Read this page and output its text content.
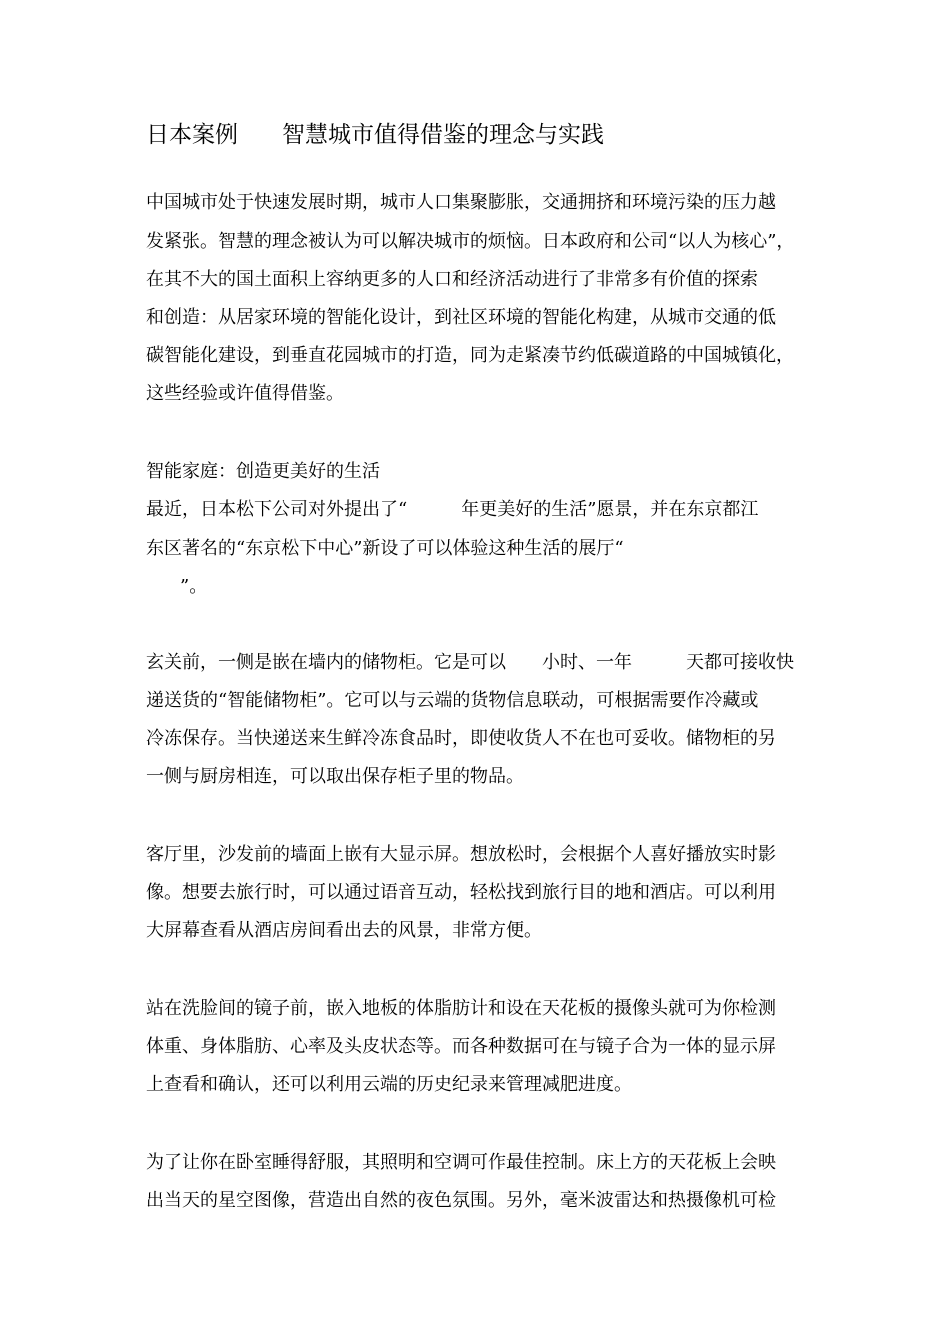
日本案例 智慧城市值得借鉴的理念与实践

中国城市处于快速发展时期，城市人口集聚膨胀，交通拥挤和环境污染的压力越

发紧张。智慧的理念被认为可以解决城市的烦恼。日本政府和公司“以人为核心”，

在其不大的国土面积上容纳更多的人口和经济活动进行了非常多有价值的探索

和创造：从居家环境的智能化设计，到社区环境的智能化构建，从城市交通的低

碳智能化建设，到垂直花园城市的打造，同为走紧凑节约低碳道路的中国城镇化，

这些经验或许值得借鉴。

智能家庭：创造更美好的生活

最近，日本松下公司对外提出了“　　　年更美好的生活”愿景，并在东京都江

东区著名的“东京松下中心”新设了可以体验这种生活的展厅“

”。

玄关前，一侧是嵌在墙内的储物柜。它是可以　　小时、一年　　　天都可接收快

递送货的“智能储物柜”。它可以与云端的货物信息联动，可根据需要作冷藏或

冷冻保存。当快递送来生鲜冷冻食品时，即使收货人不在也可妥收。储物柜的另

一侧与厨房相连，可以取出保存柜子里的物品。

客厅里，沙发前的墙面上嵌有大显示屏。想放松时，会根据个人喜好播放实时影

像。想要去旅行时，可以通过语音互动，轻松找到旅行目的地和酒店。可以利用

大屏幕查看从酒店房间看出去的风景，非常方便。

站在洗脸间的镜子前，嵌入地板的体脂肪计和设在天花板的摄像头就可为你检测

体重、身体脂肪、心率及头皮状态等。而各种数据可在与镜子合为一体的显示屏

上查看和确认，还可以利用云端的历史纪录来管理减肥进度。

为了让你在卧室睡得舒服，其照明和空调可作最佳控制。床上方的天花板上会映

出当天的星空图像，营造出自然的夜色氛围。另外，毫米波雷达和热摄像机可检
